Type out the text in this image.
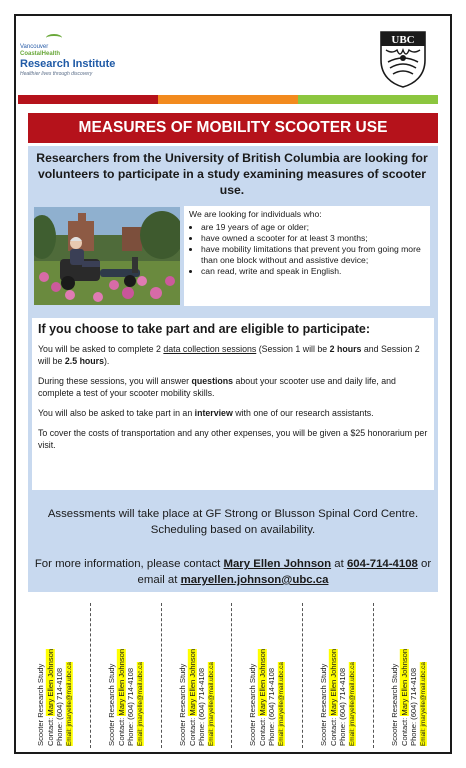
Vancouver
CoastalHealth
Research Institute
Healthier lives through discovery
UBC
MEASURES OF MOBILITY SCOOTER USE
Researchers from the University of British Columbia are looking for volunteers to participate in a study examining measures of scooter use.
We are looking for individuals who:
• are 19 years of age or older;
• have owned a scooter for at least 3 months;
• have mobility limitations that prevent you from going more than one block without and assistive device;
• can read, write and speak in English.
If you choose to take part and are eligible to participate:

You will be asked to complete 2 data collection sessions (Session 1 will be 2 hours and Session 2 will be 2.5 hours).

During these sessions, you will answer questions about your scooter use and daily life, and complete a test of your scooter mobility skills.

You will also be asked to take part in an interview with one of our research assistants.

To cover the costs of transportation and any other expenses, you will be given a $25 honorarium per visit.

Assessments will take place at GF Strong or Blusson Spinal Cord Centre. Scheduling based on availability.
For more information, please contact Mary Ellen Johnson at 604-714-4108 or email at maryellen.johnson@ubc.ca
Scooter Research Study Contact: Mary Ellen Johnson Phone: (604) 714-4108 Email: jmaryelle@mail.ubc.ca	Scooter Research Study Contact: Mary Ellen Johnson Phone: (604) 714-4108 Email: jmaryelle@mail.ubc.ca	Scooter Research Study Contact: Mary Ellen Johnson Phone: (604) 714-4108 Email: jmaryelle@mail.ubc.ca	Scooter Research Study Contact: Mary Ellen Johnson Phone: (604) 714-4108 Email: jmaryelle@mail.ubc.ca	Scooter Research Study Contact: Mary Ellen Johnson Phone: (604) 714-4108 Email: jmaryelle@mail.ubc.ca	Scooter Research Study Contact: Mary Ellen Johnson Phone: (604) 714-4108 Email: jmaryelle@mail.ubc.ca
